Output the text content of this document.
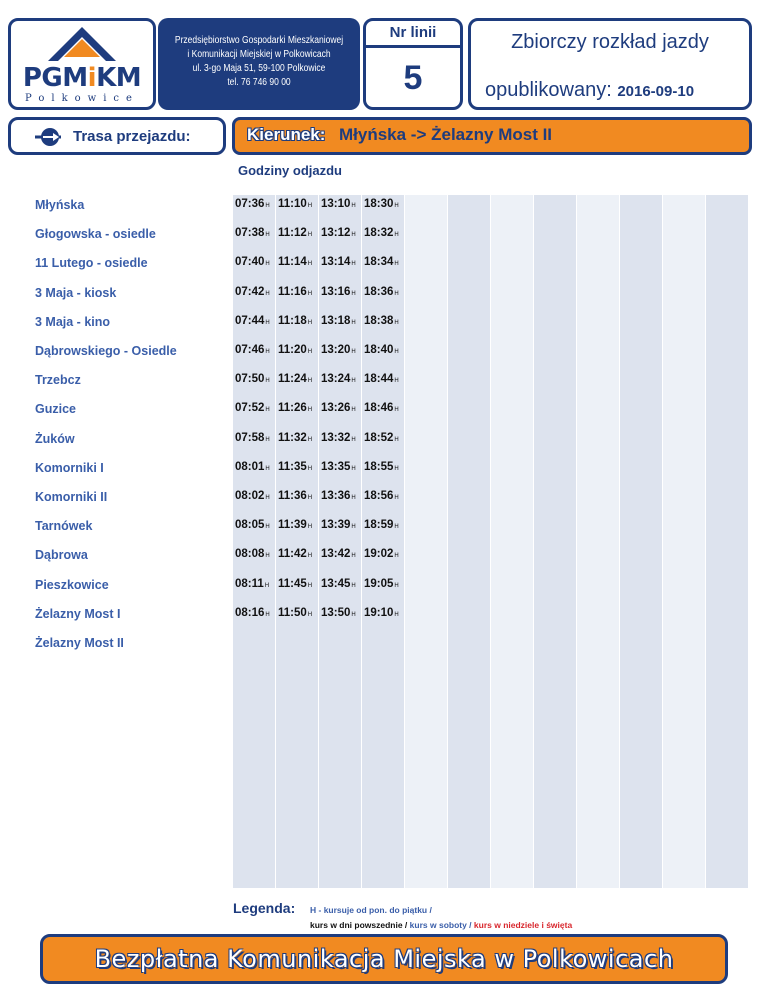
PGMiKM
Polkowice
Przedsiębiorstwo Gospodarki Mieszkaniowej
i Komunikacji Miejskiej w Polkowicach
ul. 3-go Maja 51, 59-100 Polkowice
tel. 76 746 90 00
Nr linii
5
Zbiorczy rozkład jazdy
opublikowany: 2016-09-10
Trasa przejazdu:	Kierunek: Młyńska -> Żelazny Most II
Godziny odjazdu
Młyńska	07:36H 11:10H 13:10H 18:30H
Głogowska - osiedle	07:38H 11:12H 13:12H 18:32H
11 Lutego - osiedle	07:40H 11:14H 13:14H 18:34H
3 Maja - kiosk	07:42H 11:16H 13:16H 18:36H
3 Maja - kino	07:44H 11:18H 13:18H 18:38H
Dąbrowskiego - Osiedle	07:46H 11:20H 13:20H 18:40H
Trzebcz	07:50H 11:24H 13:24H 18:44H
Guzice	07:52H 11:26H 13:26H 18:46H
Żuków	07:58H 11:32H 13:32H 18:52H
Komorniki I	08:01H 11:35H 13:35H 18:55H
Komorniki II	08:02H 11:36H 13:36H 18:56H
Tarnówek	08:05H 11:39H 13:39H 18:59H
Dąbrowa	08:08H 11:42H 13:42H 19:02H
Pieszkowice	08:11H 11:45H 13:45H 19:05H
Żelazny Most I	08:16H 11:50H 13:50H 19:10H
Żelazny Most II
Legenda: H - kursuje od pon. do piątku /
kurs w dni powszednie / kurs w soboty / kurs w niedziele i święta
Bezpłatna Komunikacja Miejska w Polkowicach
